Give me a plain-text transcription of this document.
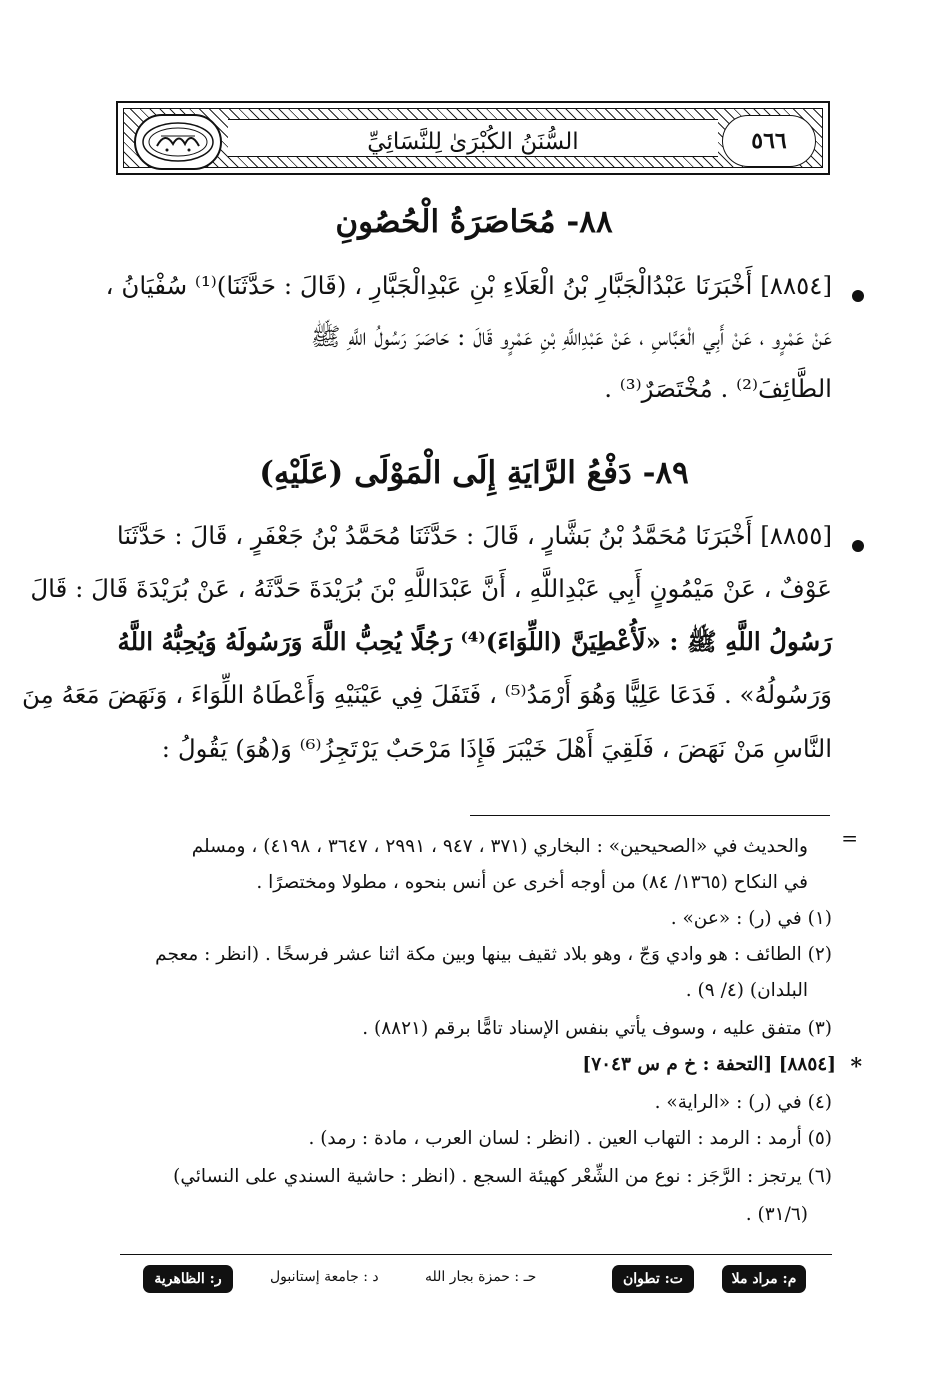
السُّنَنُ الكُبْرَىٰ لِلنَّسَائِيِّ	٥٦٦
٨٨- مُحَاصَرَةُ الْحُصُونِ
[٨٨٥٤] أَخْبَرَنَا عَبْدُالْجَبَّارِ بْنُ الْعَلَاءِ بْنِ عَبْدِالْجَبَّارِ ، (قَالَ : حَدَّثَنَا)⁽¹⁾ سُفْيَانُ ،
عَنْ عَمْرٍو ، عَنْ أَبِي الْعَبَّاسِ ، عَنْ عَبْدِاللَّهِ بْنِ عَمْرٍو قَالَ : حَاصَرَ رَسُولُ اللَّهِ ﷺ
الطَّائِفَ⁽²⁾ . مُخْتَصَرٌ⁽³⁾ .
٨٩- دَفْعُ الرَّايَةِ إِلَى الْمَوْلَى (عَلَيْهِ)
[٨٨٥٥] أَخْبَرَنَا مُحَمَّدُ بْنُ بَشَّارٍ ، قَالَ : حَدَّثَنَا مُحَمَّدُ بْنُ جَعْفَرٍ ، قَالَ : حَدَّثَنَا
عَوْفٌ ، عَنْ مَيْمُونٍ أَبِي عَبْدِاللَّهِ ، أَنَّ عَبْدَاللَّهِ بْنَ بُرَيْدَةَ حَدَّثَهُ ، عَنْ بُرَيْدَةَ قَالَ : قَالَ
رَسُولُ اللَّهِ ﷺ : «لَأُعْطِيَنَّ (اللِّوَاءَ)⁽⁴⁾ رَجُلًا يُحِبُّ اللَّهَ وَرَسُولَهُ وَيُحِبُّهُ اللَّهُ
وَرَسُولُهُ» . فَدَعَا عَلِيًّا وَهُوَ أَرْمَدُ⁽⁵⁾ ، فَتَفَلَ فِي عَيْنَيْهِ وَأَعْطَاهُ اللِّوَاءَ ، وَنَهَضَ مَعَهُ مِنَ
النَّاسِ مَنْ نَهَضَ ، فَلَقِيَ أَهْلَ خَيْبَرَ فَإِذَا مَرْحَبٌ يَرْتَجِزُ⁽⁶⁾ وَ(هُوَ) يَقُولُ :
=
والحديث في «الصحيحين» : البخاري (٣٧١ ، ٩٤٧ ، ٢٩٩١ ، ٣٦٤٧ ، ٤١٩٨) ، ومسلم
في النكاح (١٣٦٥/ ٨٤) من أوجه أخرى عن أنس بنحوه ، مطولا ومختصرًا .
(١) في (ر) : «عن» .
(٢) الطائف : هو وادي وَجّ ، وهو بلاد ثقيف بينها وبين مكة اثنا عشر فرسخًا . (انظر : معجم
البلدان) (٤/ ٩) .
(٣) متفق عليه ، وسوف يأتي بنفس الإسناد تامًّا برقم (٨٨٢١) .
*
[٨٨٥٤] [التحفة : خ م س ٧٠٤٣]
(٤) في (ر) : «الراية» .
(٥) أرمد : الرمد : التهاب العين . (انظر : لسان العرب ، مادة : رمد) .
(٦) يرتجز : الرَّجَز : نوع من الشِّعْر كهيئة السجع . (انظر : حاشية السندي على النسائي)
. (٣١/٦)
ر: الظاهرية	د : جامعة إستانبول	حـ : حمزة بجار الله	ت: تطوان	م: مراد ملا
